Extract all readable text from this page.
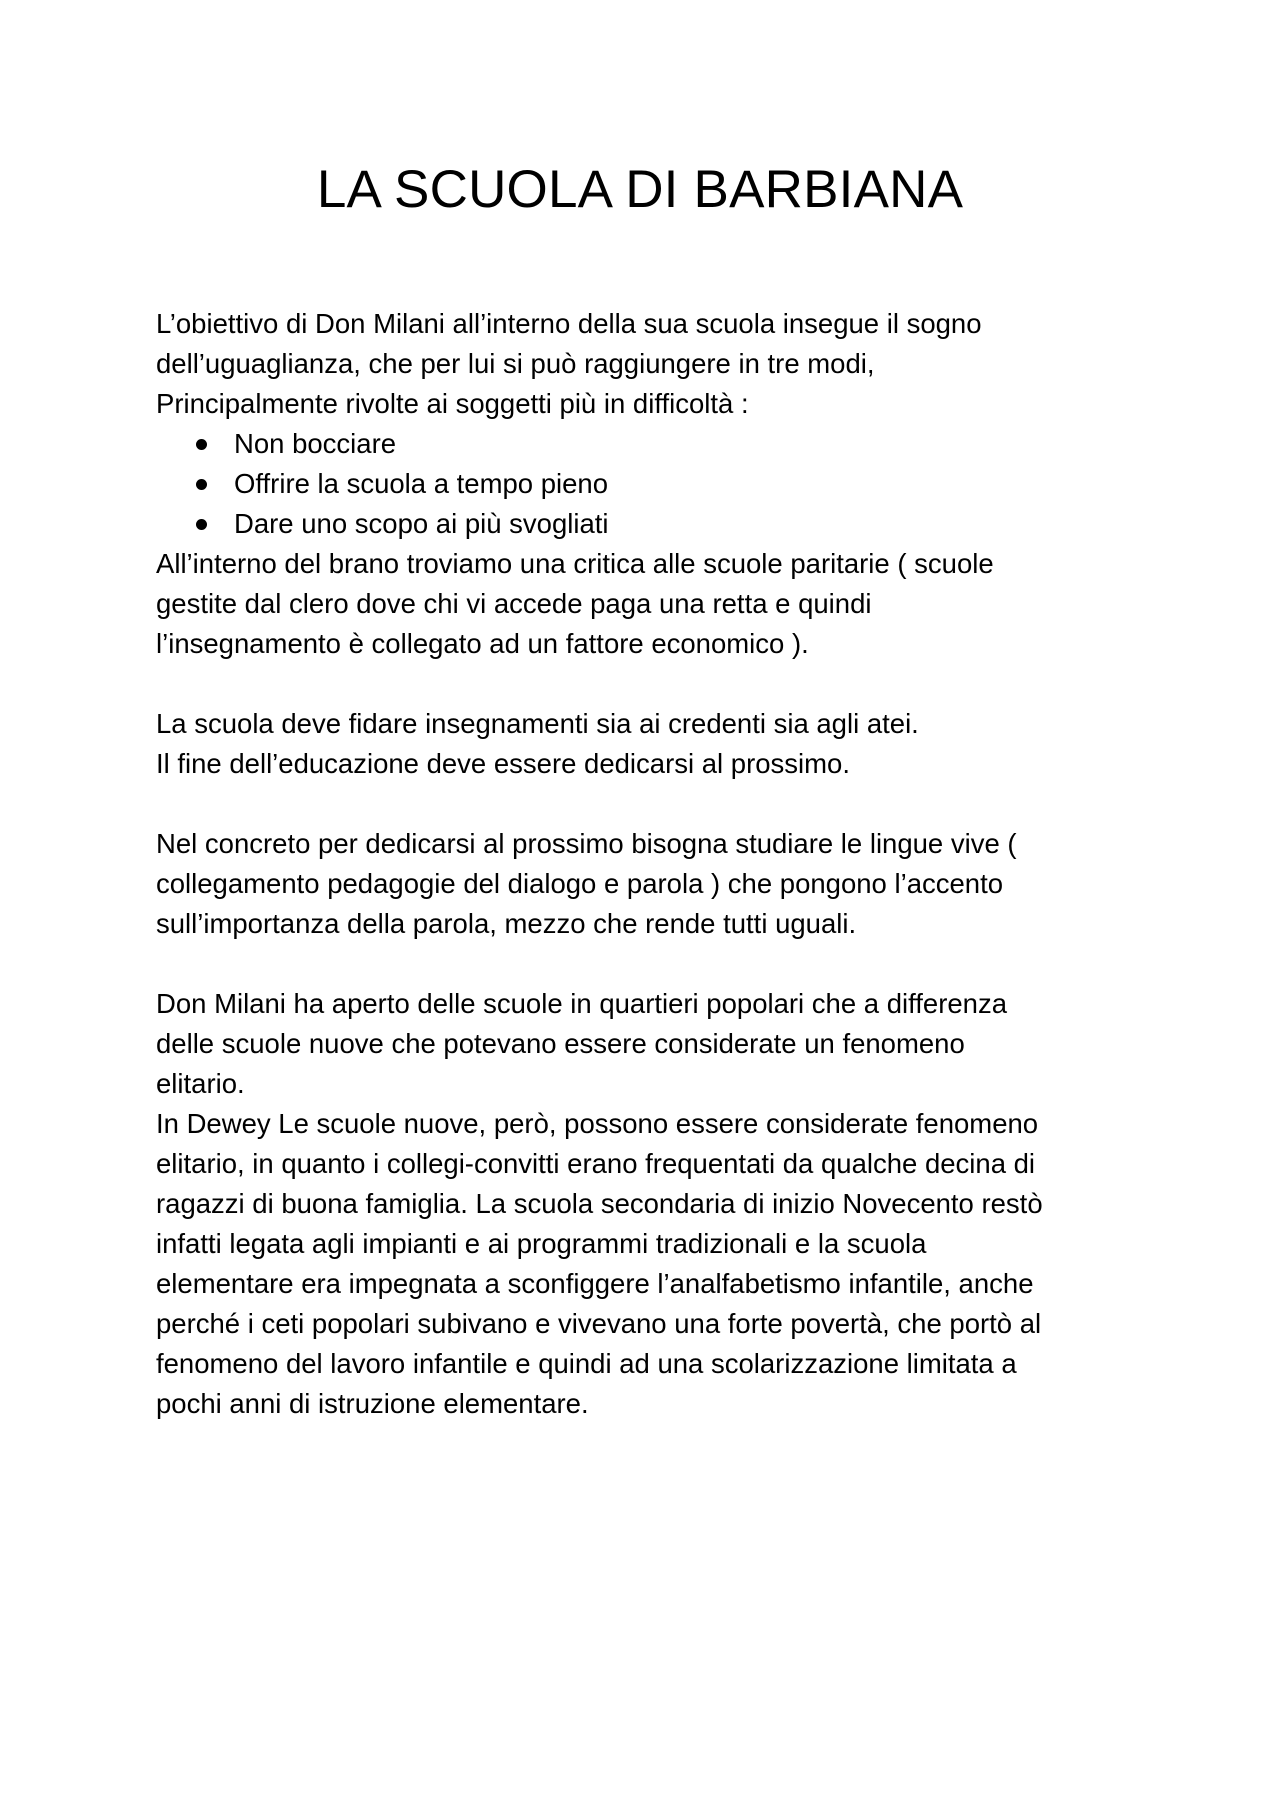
LA SCUOLA DI BARBIANA

L’obiettivo di Don Milani all’interno della sua scuola insegue il sogno

dell’uguaglianza, che per lui si può raggiungere in tre modi,

Principalmente rivolte ai soggetti più in difficoltà :

Non bocciare
Offrire la scuola a tempo pieno
Dare uno scopo ai più svogliati

All’interno del brano troviamo una critica alle scuole paritarie ( scuole

gestite dal clero dove chi vi accede paga una retta e quindi

l’insegnamento è collegato ad un fattore economico ).

La scuola deve fidare insegnamenti sia ai credenti sia agli atei.

Il fine dell’educazione deve essere dedicarsi al prossimo.

Nel concreto per dedicarsi al prossimo bisogna studiare le lingue vive (

collegamento pedagogie del dialogo e parola ) che pongono l’accento

sull’importanza della parola, mezzo che rende tutti uguali.

Don Milani ha aperto delle scuole in quartieri popolari che a differenza

delle scuole nuove che potevano essere considerate un fenomeno

elitario.

In Dewey Le scuole nuove, però, possono essere considerate fenomeno

elitario, in quanto i collegi-convitti erano frequentati da qualche decina di

ragazzi di buona famiglia. La scuola secondaria di inizio Novecento restò

infatti legata agli impianti e ai programmi tradizionali e la scuola

elementare era impegnata a sconfiggere l’analfabetismo infantile, anche

perché i ceti popolari subivano e vivevano una forte povertà, che portò al

fenomeno del lavoro infantile e quindi ad una scolarizzazione limitata a

pochi anni di istruzione elementare.
